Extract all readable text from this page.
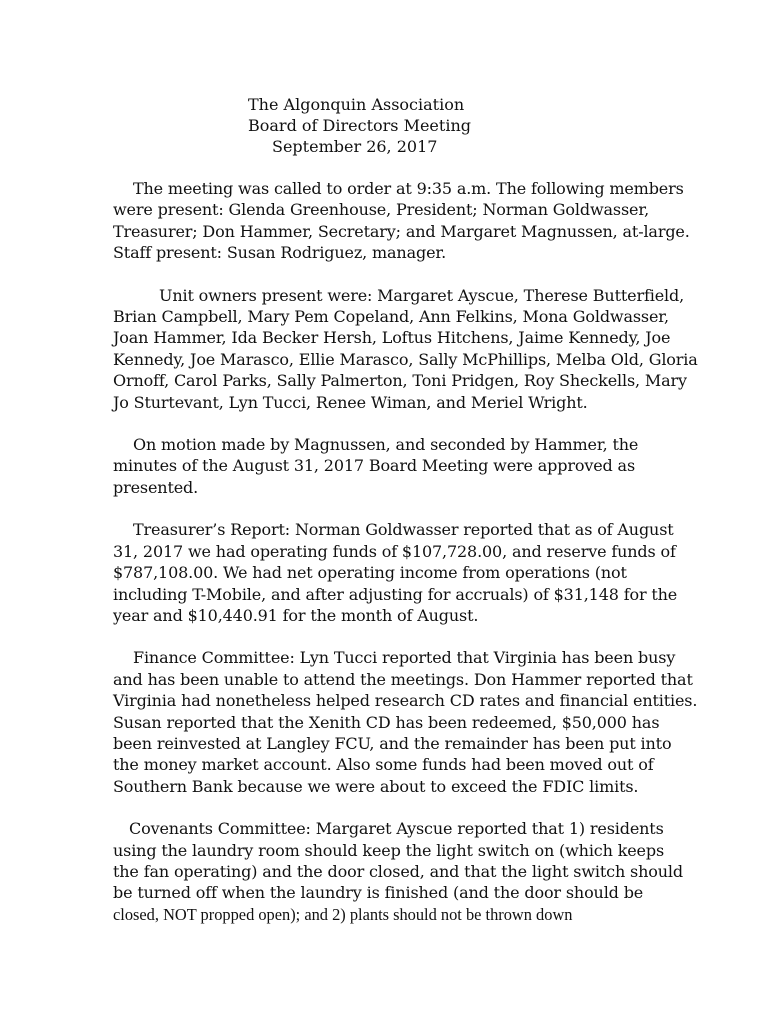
The Algonquin Association
Board of Directors Meeting
September 26, 2017
The meeting was called to order at 9:35 a.m. The following members
were present: Glenda Greenhouse, President; Norman Goldwasser,
Treasurer; Don Hammer, Secretary; and Margaret Magnussen, at-large.
Staff present: Susan Rodriguez, manager.
Unit owners present were: Margaret Ayscue, Therese Butterfield,
Brian Campbell, Mary Pem Copeland, Ann Felkins, Mona Goldwasser,
Joan Hammer, Ida Becker Hersh, Loftus Hitchens, Jaime Kennedy, Joe
Kennedy, Joe Marasco, Ellie Marasco, Sally McPhillips, Melba Old, Gloria
Ornoff, Carol Parks, Sally Palmerton, Toni Pridgen, Roy Sheckells, Mary
Jo Sturtevant, Lyn Tucci, Renee Wiman, and Meriel Wright.
On motion made by Magnussen, and seconded by Hammer, the
minutes of the August 31, 2017 Board Meeting were approved as
presented.
Treasurer’s Report: Norman Goldwasser reported that as of August
31, 2017 we had operating funds of $107,728.00, and reserve funds of
$787,108.00. We had net operating income from operations (not
including T-Mobile, and after adjusting for accruals) of $31,148 for the
year and $10,440.91 for the month of August.
Finance Committee: Lyn Tucci reported that Virginia has been busy
and has been unable to attend the meetings. Don Hammer reported that
Virginia had nonetheless helped research CD rates and financial entities.
Susan reported that the Xenith CD has been redeemed, $50,000 has
been reinvested at Langley FCU, and the remainder has been put into
the money market account. Also some funds had been moved out of
Southern Bank because we were about to exceed the FDIC limits.
Covenants Committee: Margaret Ayscue reported that 1) residents
using the laundry room should keep the light switch on (which keeps
the fan operating) and the door closed, and that the light switch should
be turned off when the laundry is finished (and the door should be
closed, NOT propped open); and 2) plants should not be thrown down
